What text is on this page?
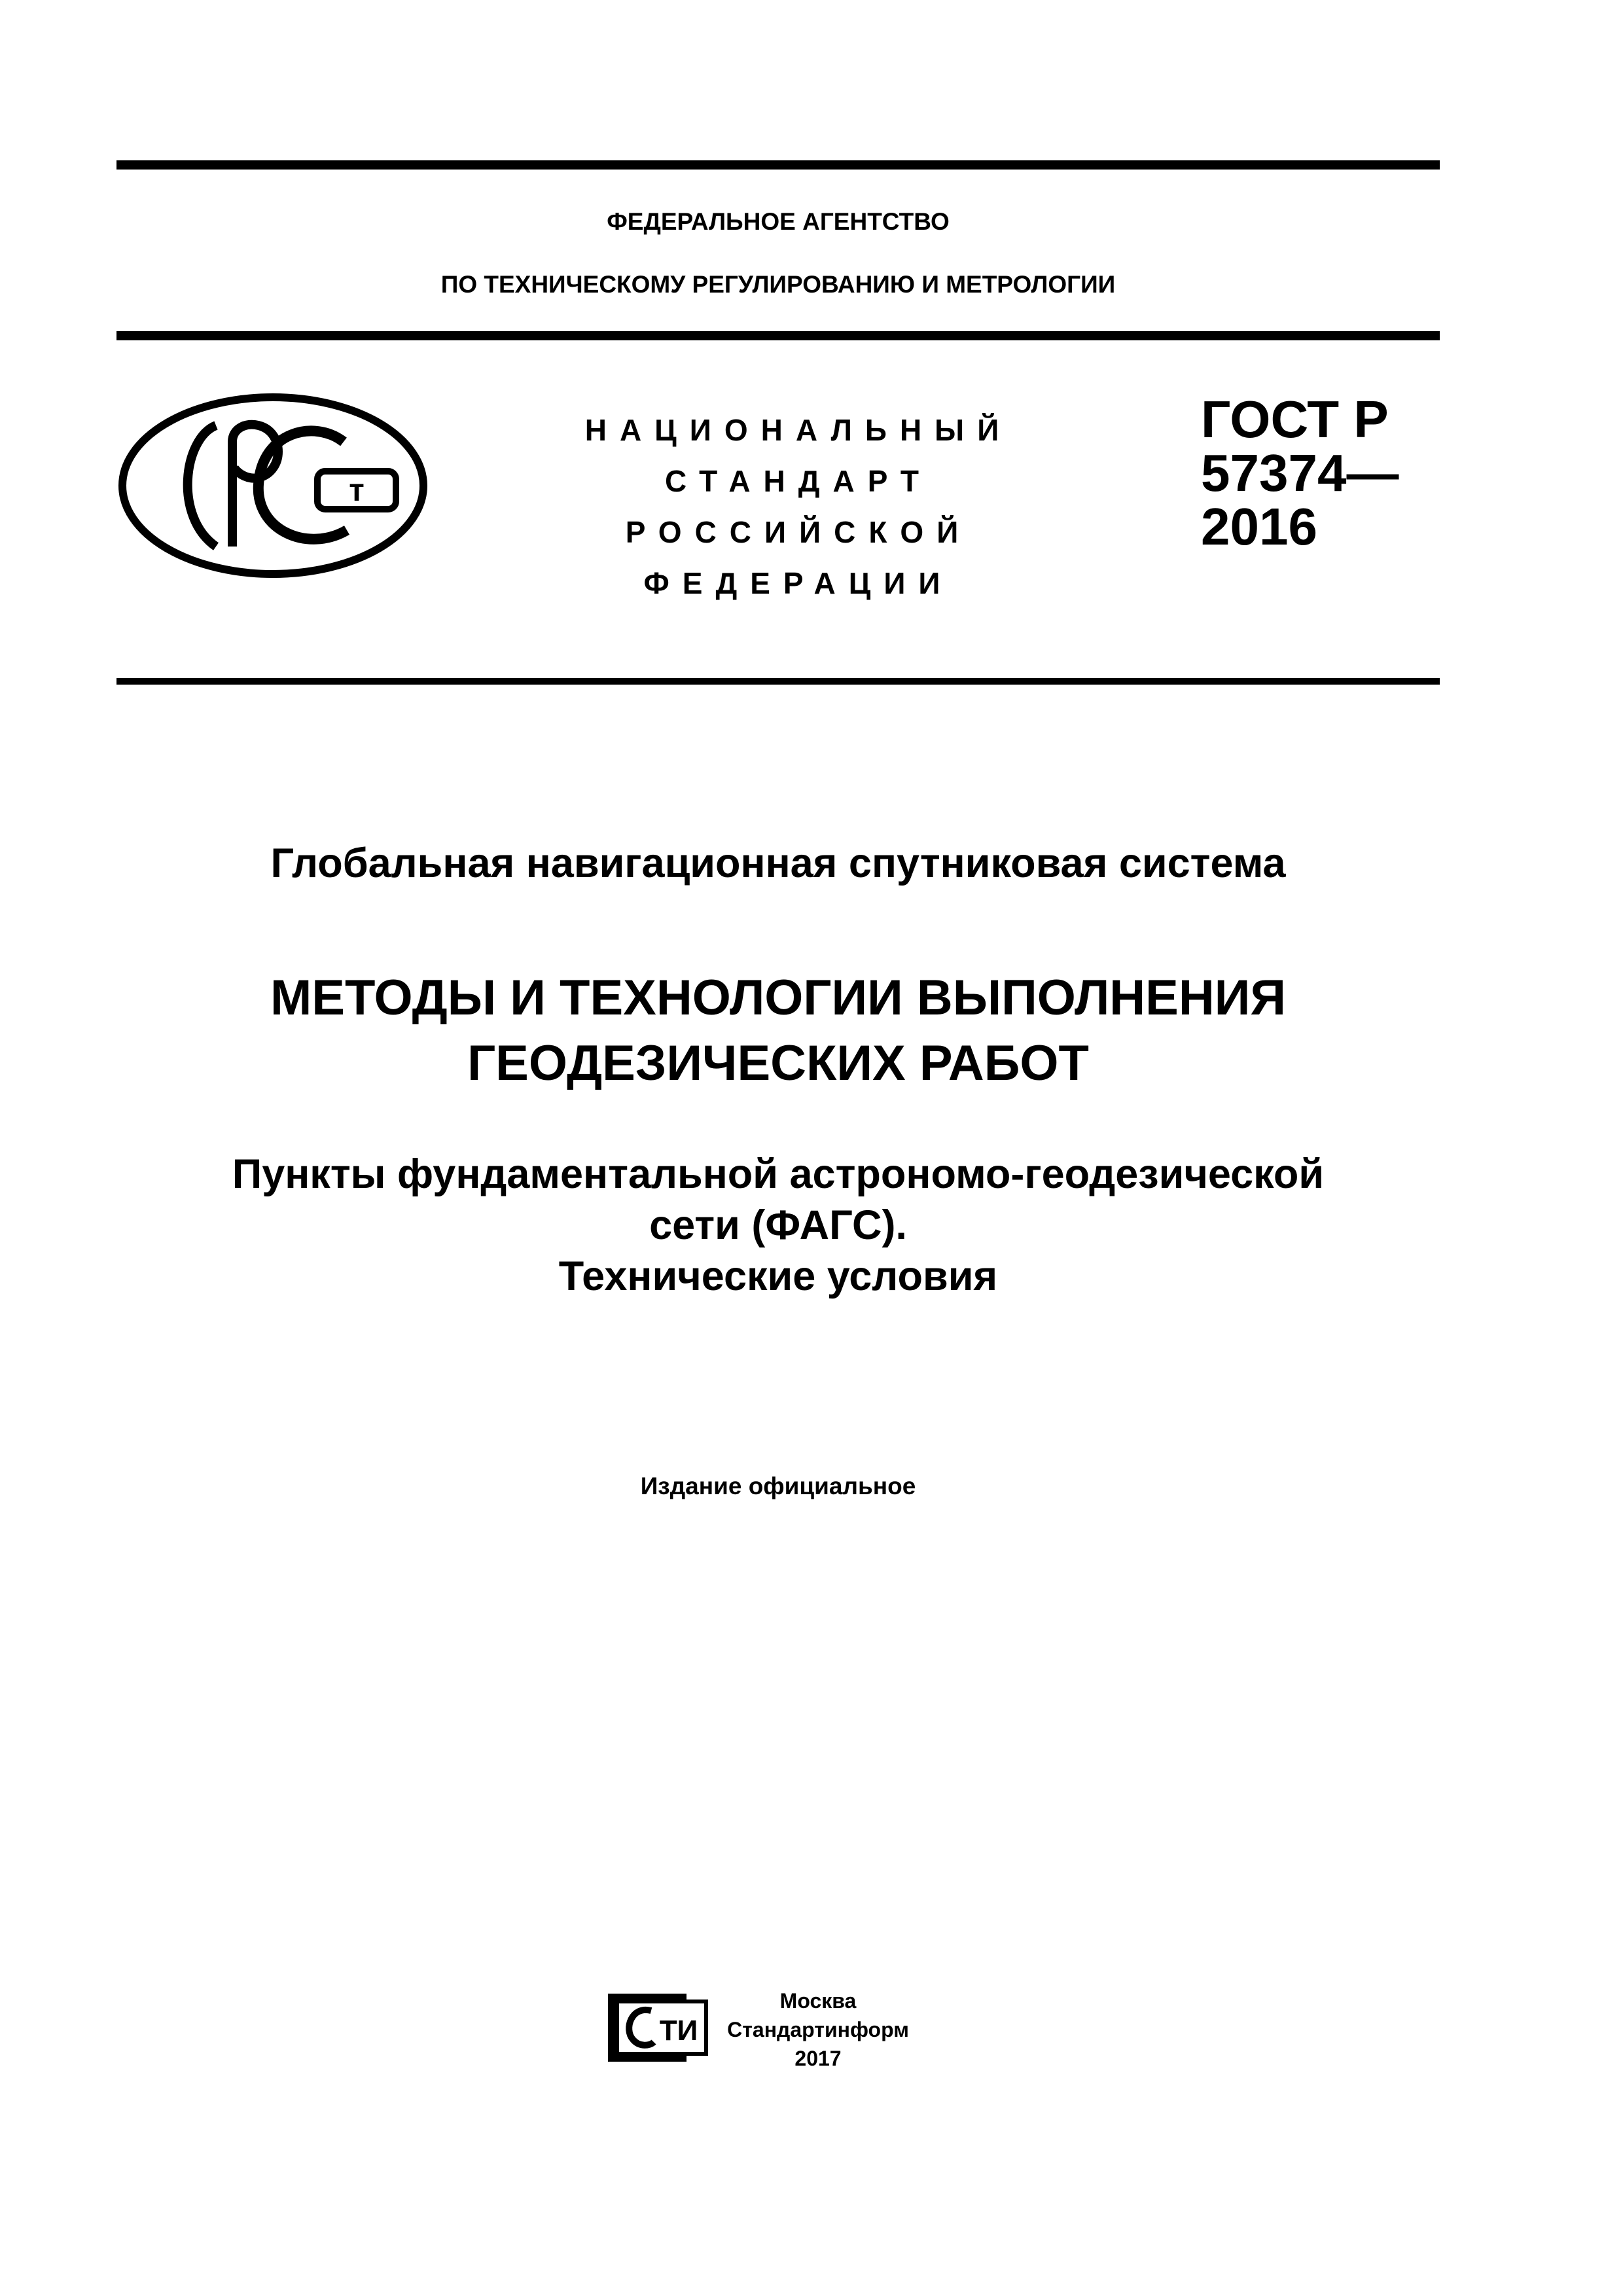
ФЕДЕРАЛЬНОЕ АГЕНТСТВО
ПО ТЕХНИЧЕСКОМУ РЕГУЛИРОВАНИЮ И МЕТРОЛОГИИ
т
НАЦИОНАЛЬНЫЙ
СТАНДАРТ
РОССИЙСКОЙ
ФЕДЕРАЦИИ
ГОСТ Р
57374—
2016
Глобальная навигационная спутниковая система
МЕТОДЫ И ТЕХНОЛОГИИ ВЫПОЛНЕНИЯ
ГЕОДЕЗИЧЕСКИХ РАБОТ
Пункты фундаментальной астрономо-геодезической
сети (ФАГС).
Технические условия
Издание официальное
ТИ
Москва
Стандартинформ
2017
